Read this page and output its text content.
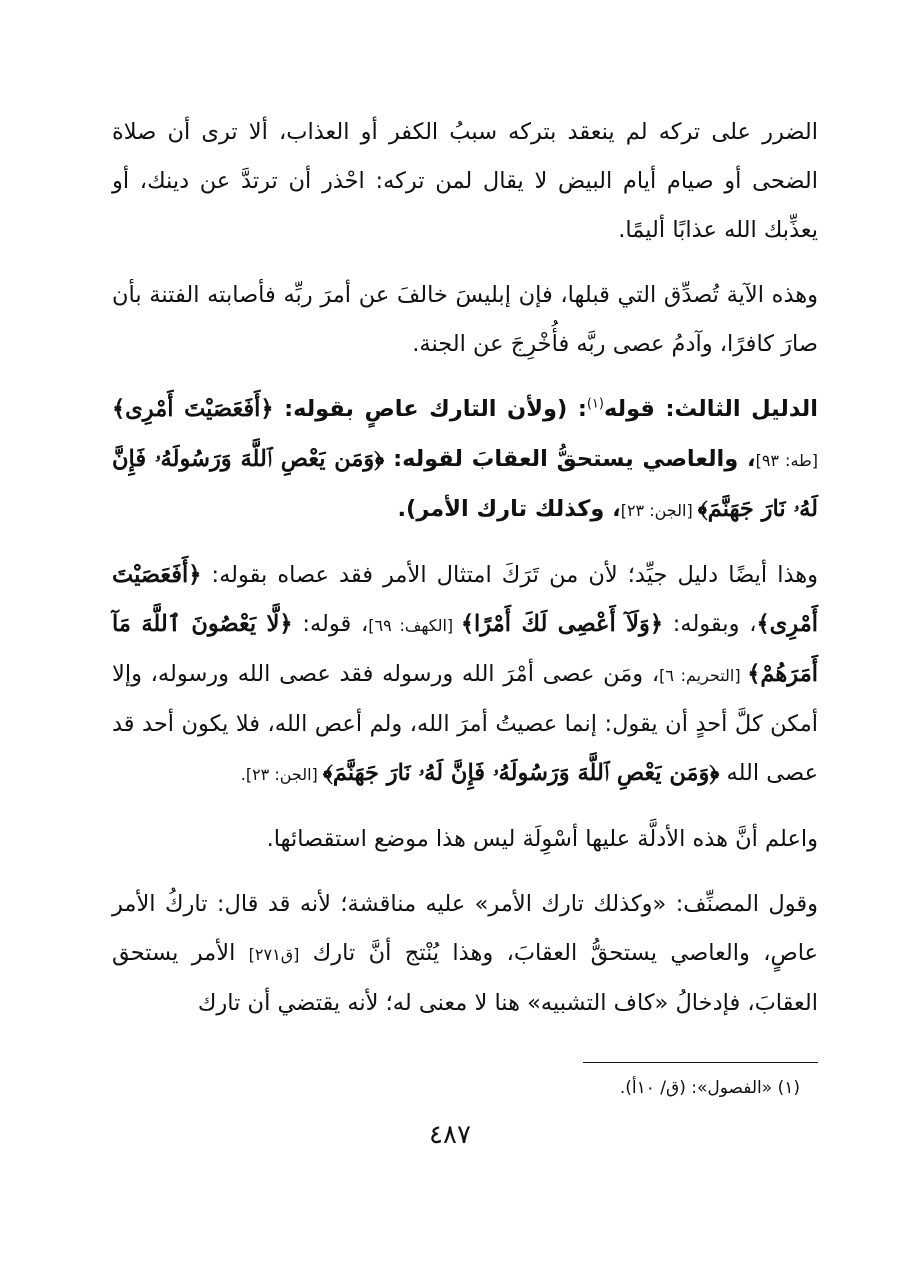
الضرر على تركه لم ينعقد بتركه سببُ الكفر أو العذاب، ألا ترى أن صلاة الضحى أو صيام أيام البيض لا يقال لمن تركه: احْذر أن ترتدَّ عن دينك، أو يعذِّبك الله عذابًا أليمًا.

وهذه الآية تُصدِّق التي قبلها، فإن إبليسَ خالفَ عن أمرَ ربِّه فأصابته الفتنة بأن صارَ كافرًا، وآدمُ عصى ربَّه فأُخْرِجَ عن الجنة.

الدليل الثالث: قوله$^{(١)}$: (ولأن التارك عاصٍ بقوله: ﴿أَفَعَصَيْتَ أَمْرِى﴾ [طه: ٩٣]، والعاصي يستحقُّ العقابَ لقوله: ﴿وَمَن يَعْصِ ٱللَّهَ وَرَسُولَهُۥ فَإِنَّ لَهُۥ نَارَ جَهَنَّمَ﴾ [الجن: ٢٣]، وكذلك تارك الأمر).

وهذا أيضًا دليل جيِّد؛ لأن من تَرَكَ امتثال الأمر فقد عصاه بقوله: ﴿أَفَعَصَيْتَ أَمْرِى﴾، وبقوله: ﴿وَلَآ أَعْصِى لَكَ أَمْرًا﴾ [الكهف: ٦٩]، قوله: ﴿لَّا يَعْصُونَ ٱللَّهَ مَآ أَمَرَهُمْ﴾ [التحريم: ٦]، ومَن عصى أمْرَ الله ورسوله فقد عصى الله ورسوله، وإلا أمكن كلَّ أحدٍ أن يقول: إنما عصيتُ أمرَ الله، ولم أعص الله، فلا يكون أحد قد عصى الله ﴿وَمَن يَعْصِ ٱللَّهَ وَرَسُولَهُۥ فَإِنَّ لَهُۥ نَارَ جَهَنَّمَ﴾ [الجن: ٢٣].

واعلم أنَّ هذه الأدلَّة عليها أسْوِلَة ليس هذا موضع استقصائها.

وقول المصنِّف: «وكذلك تارك الأمر» عليه مناقشة؛ لأنه قد قال: تاركُ الأمر عاصٍ، والعاصي يستحقُّ العقابَ، وهذا يُنْتج أنَّ تارك [ق٢٧١] الأمر يستحق العقابَ، فإدخالُ «كاف التشبيه» هنا لا معنى له؛ لأنه يقتضي أن تارك

(١) «الفصول»: (ق/ ١٠أ).
٤٨٧
